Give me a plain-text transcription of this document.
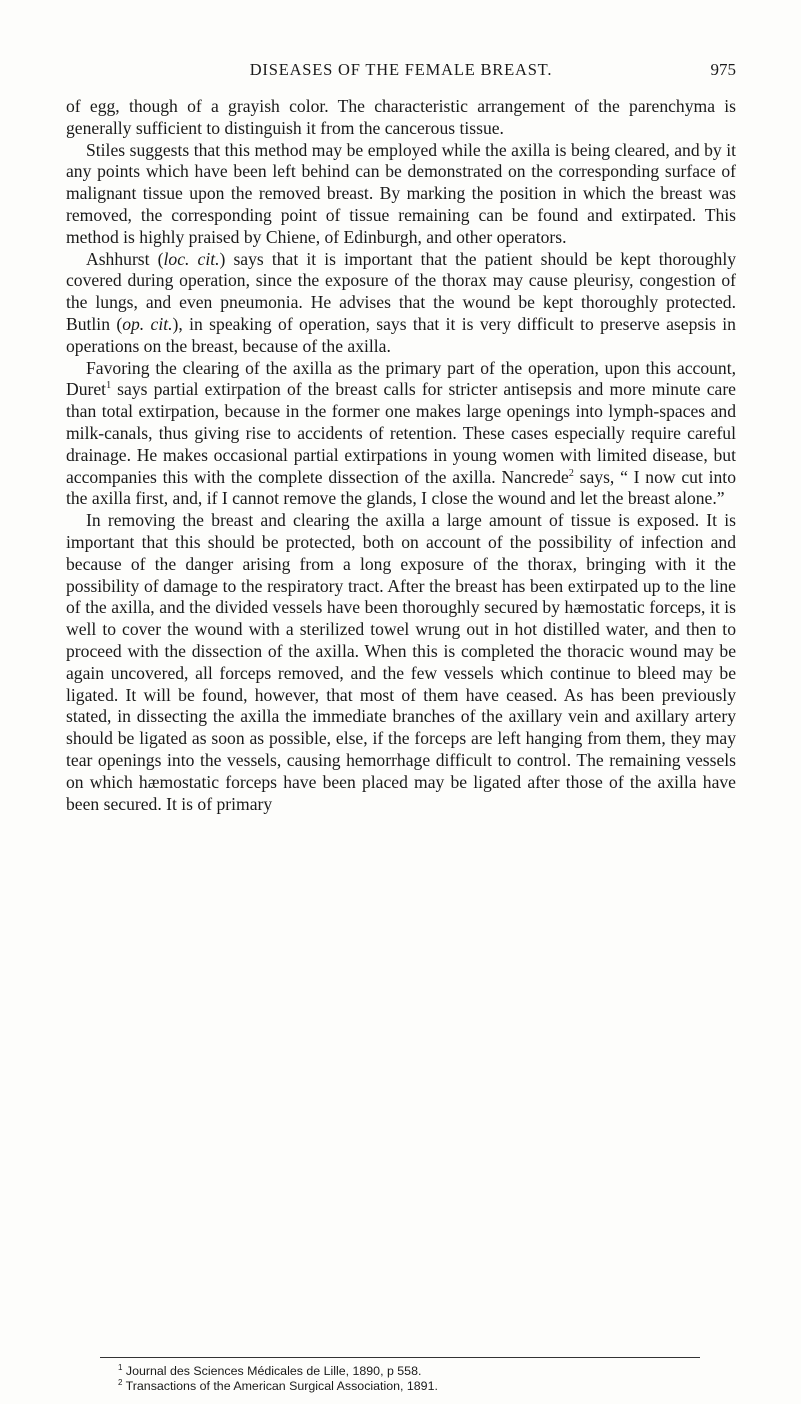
DISEASES OF THE FEMALE BREAST.	975

of egg, though of a grayish color. The characteristic arrangement of the parenchyma is generally sufficient to distinguish it from the cancerous tissue.

Stiles suggests that this method may be employed while the axilla is being cleared, and by it any points which have been left behind can be demonstrated on the corresponding surface of malignant tissue upon the removed breast. By marking the position in which the breast was removed, the corresponding point of tissue remaining can be found and extirpated. This method is highly praised by Chiene, of Edinburgh, and other operators.

Ashhurst (loc. cit.) says that it is important that the patient should be kept thoroughly covered during operation, since the exposure of the thorax may cause pleurisy, congestion of the lungs, and even pneumonia. He advises that the wound be kept thoroughly protected. Butlin (op. cit.), in speaking of operation, says that it is very difficult to preserve asepsis in operations on the breast, because of the axilla.

Favoring the clearing of the axilla as the primary part of the operation, upon this account, Duret$^1$ says partial extirpation of the breast calls for stricter antisepsis and more minute care than total extirpation, because in the former one makes large openings into lymph-spaces and milk-canals, thus giving rise to accidents of retention. These cases especially require careful drainage. He makes occasional partial extirpations in young women with limited disease, but accompanies this with the complete dissection of the axilla. Nancrede$^2$ says, “ I now cut into the axilla first, and, if I cannot remove the glands, I close the wound and let the breast alone.”

In removing the breast and clearing the axilla a large amount of tissue is exposed. It is important that this should be protected, both on account of the possibility of infection and because of the danger arising from a long exposure of the thorax, bringing with it the possibility of damage to the respiratory tract. After the breast has been extirpated up to the line of the axilla, and the divided vessels have been thoroughly secured by hæmostatic forceps, it is well to cover the wound with a sterilized towel wrung out in hot distilled water, and then to proceed with the dissection of the axilla. When this is completed the thoracic wound may be again uncovered, all forceps removed, and the few vessels which continue to bleed may be ligated. It will be found, however, that most of them have ceased. As has been previously stated, in dissecting the axilla the immediate branches of the axillary vein and axillary artery should be ligated as soon as possible, else, if the forceps are left hanging from them, they may tear openings into the vessels, causing hemorrhage difficult to control. The remaining vessels on which hæmostatic forceps have been placed may be ligated after those of the axilla have been secured. It is of primary

$^1$ Journal des Sciences Médicales de Lille, 1890, p 558.
$^2$ Transactions of the American Surgical Association, 1891.
